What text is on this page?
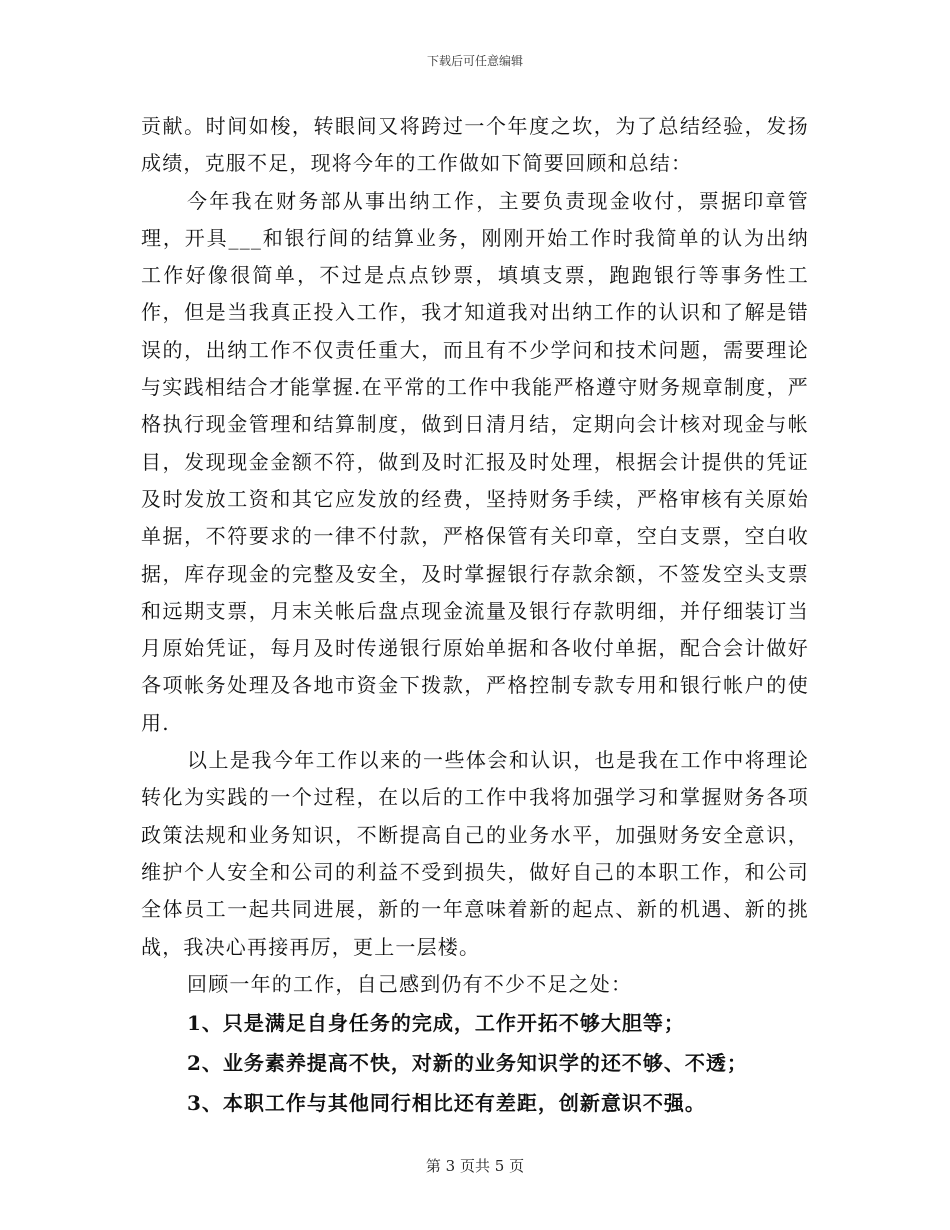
下载后可任意编辑

贡献。时间如梭，转眼间又将跨过一个年度之坎，为了总结经验，发扬成绩，克服不足，现将今年的工作做如下简要回顾和总结：

今年我在财务部从事出纳工作，主要负责现金收付，票据印章管理，开具___和银行间的结算业务，刚刚开始工作时我简单的认为出纳工作好像很简单，不过是点点钞票，填填支票，跑跑银行等事务性工作，但是当我真正投入工作，我才知道我对出纳工作的认识和了解是错误的，出纳工作不仅责任重大，而且有不少学问和技术问题，需要理论与实践相结合才能掌握.在平常的工作中我能严格遵守财务规章制度，严格执行现金管理和结算制度，做到日清月结，定期向会计核对现金与帐目，发现现金金额不符，做到及时汇报及时处理，根据会计提供的凭证及时发放工资和其它应发放的经费，坚持财务手续，严格审核有关原始单据，不符要求的一律不付款，严格保管有关印章，空白支票，空白收据，库存现金的完整及安全，及时掌握银行存款余额，不签发空头支票和远期支票，月末关帐后盘点现金流量及银行存款明细，并仔细装订当月原始凭证，每月及时传递银行原始单据和各收付单据，配合会计做好各项帐务处理及各地市资金下拨款，严格控制专款专用和银行帐户的使用.

以上是我今年工作以来的一些体会和认识，也是我在工作中将理论转化为实践的一个过程，在以后的工作中我将加强学习和掌握财务各项政策法规和业务知识，不断提高自己的业务水平，加强财务安全意识，维护个人安全和公司的利益不受到损失，做好自己的本职工作，和公司全体员工一起共同进展，新的一年意味着新的起点、新的机遇、新的挑战，我决心再接再厉，更上一层楼。

回顾一年的工作，自己感到仍有不少不足之处：

1、只是满足自身任务的完成，工作开拓不够大胆等；

2、业务素养提高不快，对新的业务知识学的还不够、不透；

3、本职工作与其他同行相比还有差距，创新意识不强。

第 3 页共 5 页
